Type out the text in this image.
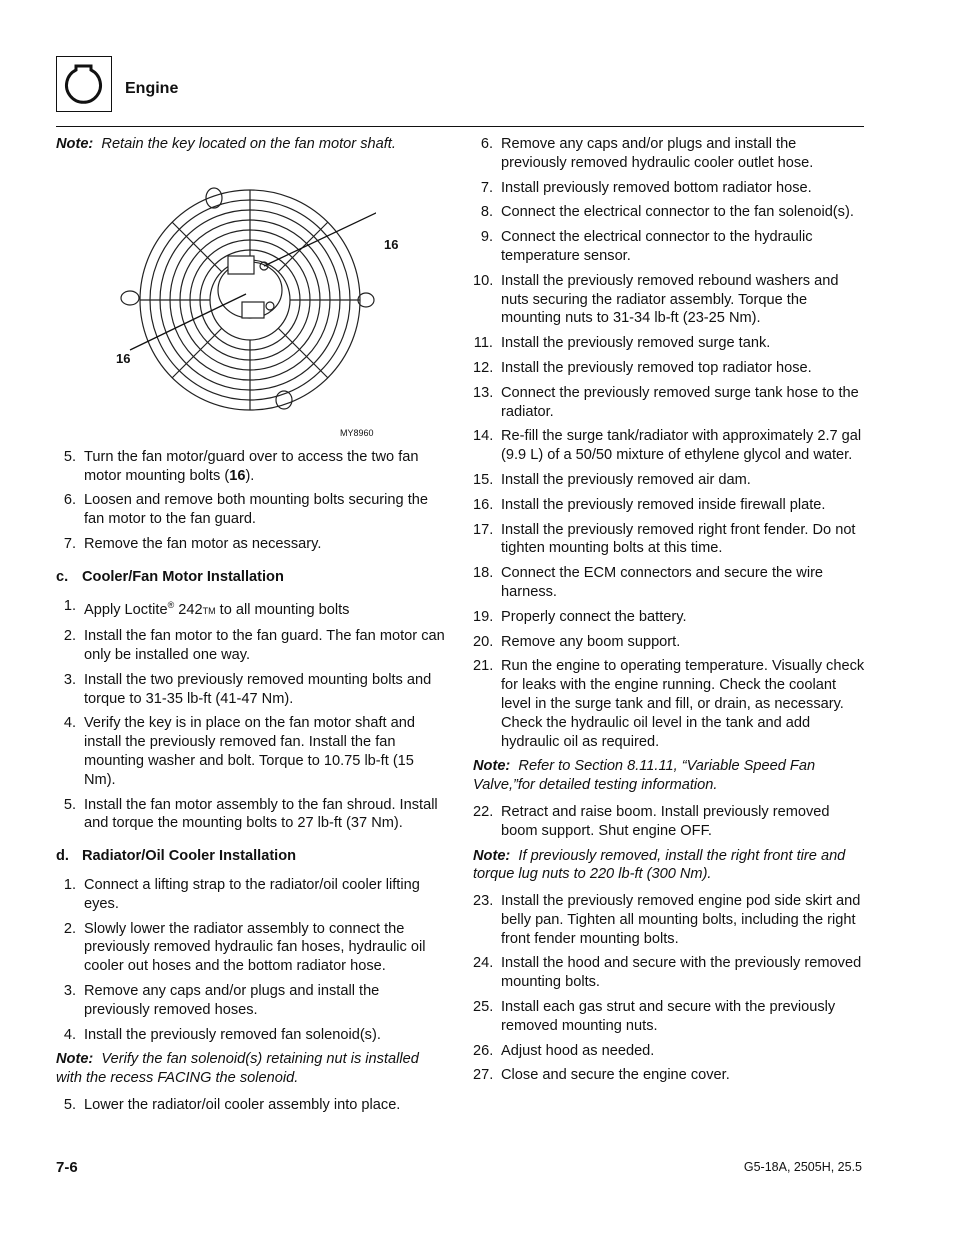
Engine

Note: Retain the key located on the fan motor shaft.

16
16
MY8960
5. Turn the fan motor/guard over to access the two fan motor mounting bolts (16).
6. Loosen and remove both mounting bolts securing the fan motor to the fan guard.
7. Remove the fan motor as necessary.
c. Cooler/Fan Motor Installation
1. Apply Loctite® 242TM to all mounting bolts
2. Install the fan motor to the fan guard. The fan motor can only be installed one way.
3. Install the two previously removed mounting bolts and torque to 31-35 lb-ft (41-47 Nm).
4. Verify the key is in place on the fan motor shaft and install the previously removed fan. Install the fan mounting washer and bolt. Torque to 10.75 lb-ft (15 Nm).
5. Install the fan motor assembly to the fan shroud. Install and torque the mounting bolts to 27 lb-ft (37 Nm).
d. Radiator/Oil Cooler Installation
1. Connect a lifting strap to the radiator/oil cooler lifting eyes.
2. Slowly lower the radiator assembly to connect the previously removed hydraulic fan hoses, hydraulic oil cooler out hoses and the bottom radiator hose.
3. Remove any caps and/or plugs and install the previously removed hoses.
4. Install the previously removed fan solenoid(s).

Note: Verify the fan solenoid(s) retaining nut is installed with the recess FACING the solenoid.

5. Lower the radiator/oil cooler assembly into place.
6. Remove any caps and/or plugs and install the previously removed hydraulic cooler outlet hose.
7. Install previously removed bottom radiator hose.
8. Connect the electrical connector to the fan solenoid(s).
9. Connect the electrical connector to the hydraulic temperature sensor.
10. Install the previously removed rebound washers and nuts securing the radiator assembly. Torque the mounting nuts to 31-34 lb-ft (23-25 Nm).
11. Install the previously removed surge tank.
12. Install the previously removed top radiator hose.
13. Connect the previously removed surge tank hose to the radiator.
14. Re-fill the surge tank/radiator with approximately 2.7 gal (9.9 L) of a 50/50 mixture of ethylene glycol and water.
15. Install the previously removed air dam.
16. Install the previously removed inside firewall plate.
17. Install the previously removed right front fender. Do not tighten mounting bolts at this time.
18. Connect the ECM connectors and secure the wire harness.
19. Properly connect the battery.
20. Remove any boom support.
21. Run the engine to operating temperature. Visually check for leaks with the engine running. Check the coolant level in the surge tank and fill, or drain, as necessary. Check the hydraulic oil level in the tank and add hydraulic oil as required.

Note: Refer to Section 8.11.11, “Variable Speed Fan Valve,”for detailed testing information.

22. Retract and raise boom. Install previously removed boom support. Shut engine OFF.

Note: If previously removed, install the right front tire and torque lug nuts to 220 lb-ft (300 Nm).

23. Install the previously removed engine pod side skirt and belly pan. Tighten all mounting bolts, including the right front fender mounting bolts.
24. Install the hood and secure with the previously removed mounting bolts.
25. Install each gas strut and secure with the previously removed mounting nuts.
26. Adjust hood as needed.
27. Close and secure the engine cover.
7-6	G5-18A, 2505H, 25.5
